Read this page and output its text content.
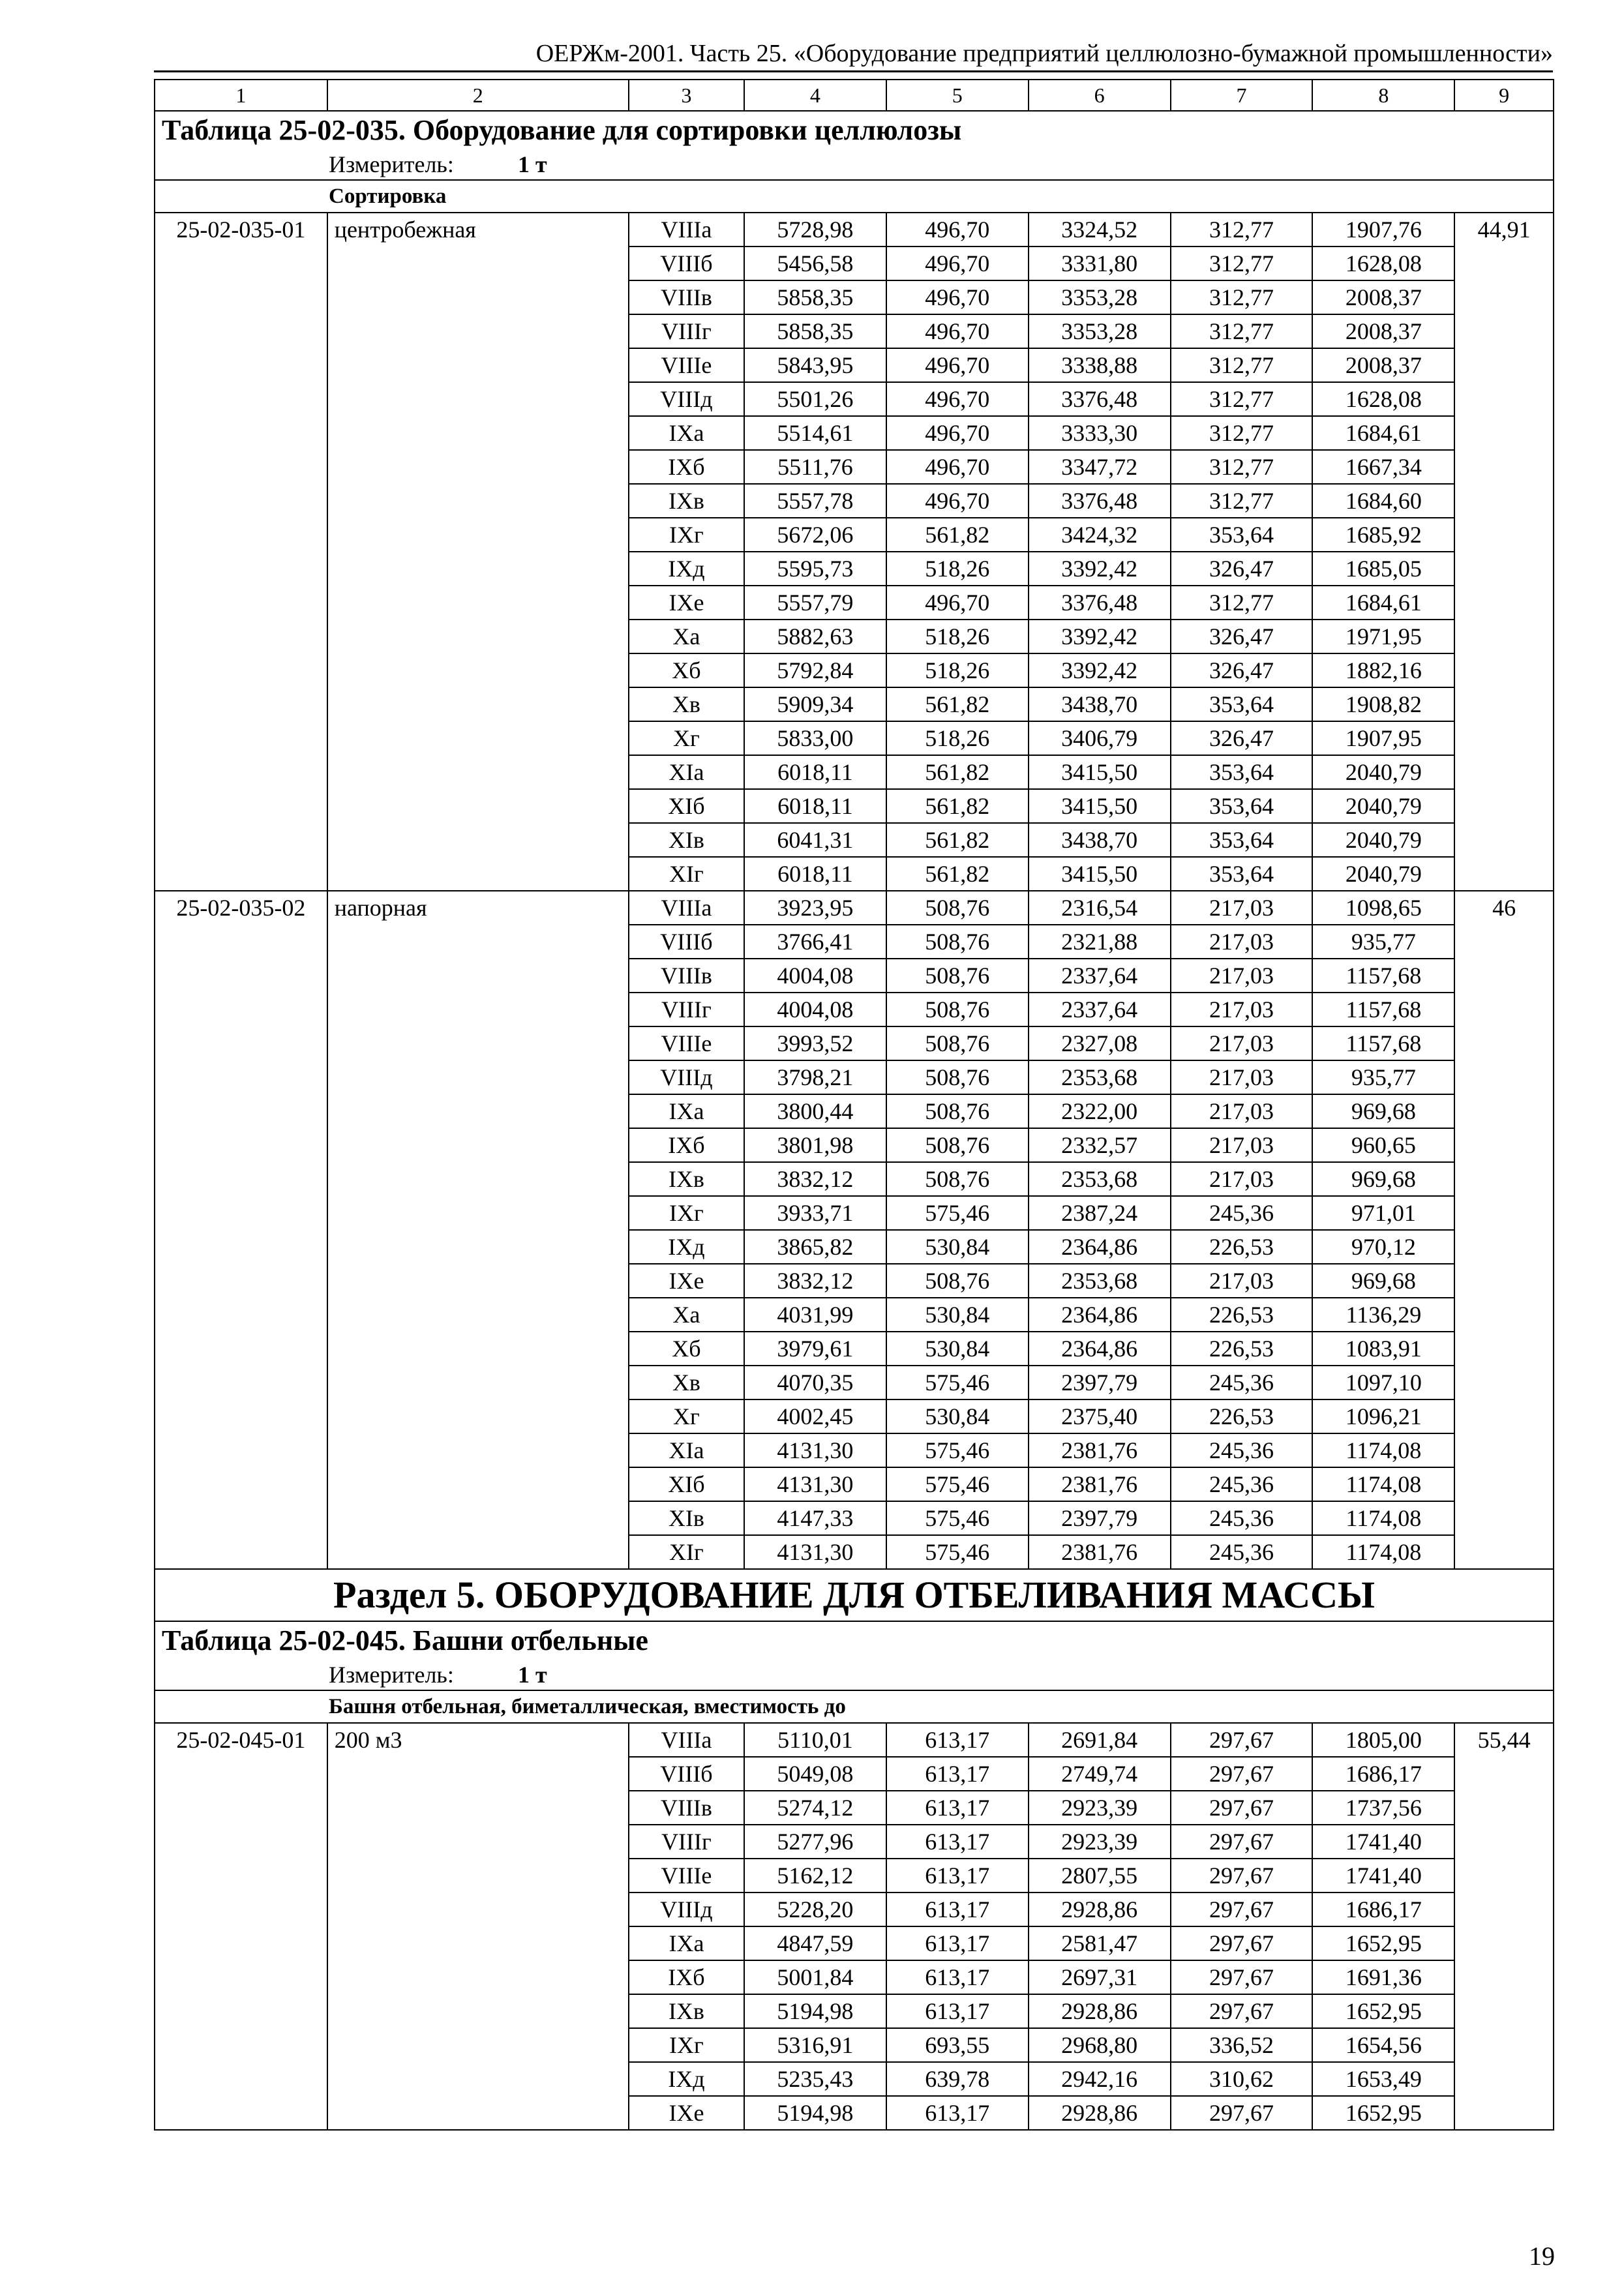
ОЕРЖм-2001. Часть 25. «Оборудование предприятий целлюлозно-бумажной промышленности»
1	2	3	4	5	6	7	8	9
Таблица 25-02-035. Оборудование для сортировки целлюлозы								
Измеритель: 1 т								
Сортировка								
25-02-035-01	центробежная	VIIIа	5728,98	496,70	3324,52	312,77	1907,76	44,91
		VIIIб	5456,58	496,70	3331,80	312,77	1628,08	
		VIIIв	5858,35	496,70	3353,28	312,77	2008,37	
		VIIIг	5858,35	496,70	3353,28	312,77	2008,37	
		VIIIе	5843,95	496,70	3338,88	312,77	2008,37	
		VIIIд	5501,26	496,70	3376,48	312,77	1628,08	
		IXа	5514,61	496,70	3333,30	312,77	1684,61	
		IXб	5511,76	496,70	3347,72	312,77	1667,34	
		IXв	5557,78	496,70	3376,48	312,77	1684,60	
		IXг	5672,06	561,82	3424,32	353,64	1685,92	
		IXд	5595,73	518,26	3392,42	326,47	1685,05	
		IXе	5557,79	496,70	3376,48	312,77	1684,61	
		Xа	5882,63	518,26	3392,42	326,47	1971,95	
		Xб	5792,84	518,26	3392,42	326,47	1882,16	
		Xв	5909,34	561,82	3438,70	353,64	1908,82	
		Xг	5833,00	518,26	3406,79	326,47	1907,95	
		XIа	6018,11	561,82	3415,50	353,64	2040,79	
		XIб	6018,11	561,82	3415,50	353,64	2040,79	
		XIв	6041,31	561,82	3438,70	353,64	2040,79	
		XIг	6018,11	561,82	3415,50	353,64	2040,79	
25-02-035-02	напорная	VIIIа	3923,95	508,76	2316,54	217,03	1098,65	46
		VIIIб	3766,41	508,76	2321,88	217,03	935,77	
		VIIIв	4004,08	508,76	2337,64	217,03	1157,68	
		VIIIг	4004,08	508,76	2337,64	217,03	1157,68	
		VIIIе	3993,52	508,76	2327,08	217,03	1157,68	
		VIIIд	3798,21	508,76	2353,68	217,03	935,77	
		IXа	3800,44	508,76	2322,00	217,03	969,68	
		IXб	3801,98	508,76	2332,57	217,03	960,65	
		IXв	3832,12	508,76	2353,68	217,03	969,68	
		IXг	3933,71	575,46	2387,24	245,36	971,01	
		IXд	3865,82	530,84	2364,86	226,53	970,12	
		IXе	3832,12	508,76	2353,68	217,03	969,68	
		Xа	4031,99	530,84	2364,86	226,53	1136,29	
		Xб	3979,61	530,84	2364,86	226,53	1083,91	
		Xв	4070,35	575,46	2397,79	245,36	1097,10	
		Xг	4002,45	530,84	2375,40	226,53	1096,21	
		XIа	4131,30	575,46	2381,76	245,36	1174,08	
		XIб	4131,30	575,46	2381,76	245,36	1174,08	
		XIв	4147,33	575,46	2397,79	245,36	1174,08	
		XIг	4131,30	575,46	2381,76	245,36	1174,08	
Раздел 5. ОБОРУДОВАНИЕ ДЛЯ ОТБЕЛИВАНИЯ МАССЫ								
Таблица 25-02-045. Башни отбельные								
Измеритель: 1 т								
Башня отбельная, биметаллическая, вместимость до								
25-02-045-01	200 м3	VIIIа	5110,01	613,17	2691,84	297,67	1805,00	55,44
		VIIIб	5049,08	613,17	2749,74	297,67	1686,17	
		VIIIв	5274,12	613,17	2923,39	297,67	1737,56	
		VIIIг	5277,96	613,17	2923,39	297,67	1741,40	
		VIIIе	5162,12	613,17	2807,55	297,67	1741,40	
		VIIIд	5228,20	613,17	2928,86	297,67	1686,17	
		IXа	4847,59	613,17	2581,47	297,67	1652,95	
		IXб	5001,84	613,17	2697,31	297,67	1691,36	
		IXв	5194,98	613,17	2928,86	297,67	1652,95	
		IXг	5316,91	693,55	2968,80	336,52	1654,56	
		IXд	5235,43	639,78	2942,16	310,62	1653,49	
		IXе	5194,98	613,17	2928,86	297,67	1652,95	
19
